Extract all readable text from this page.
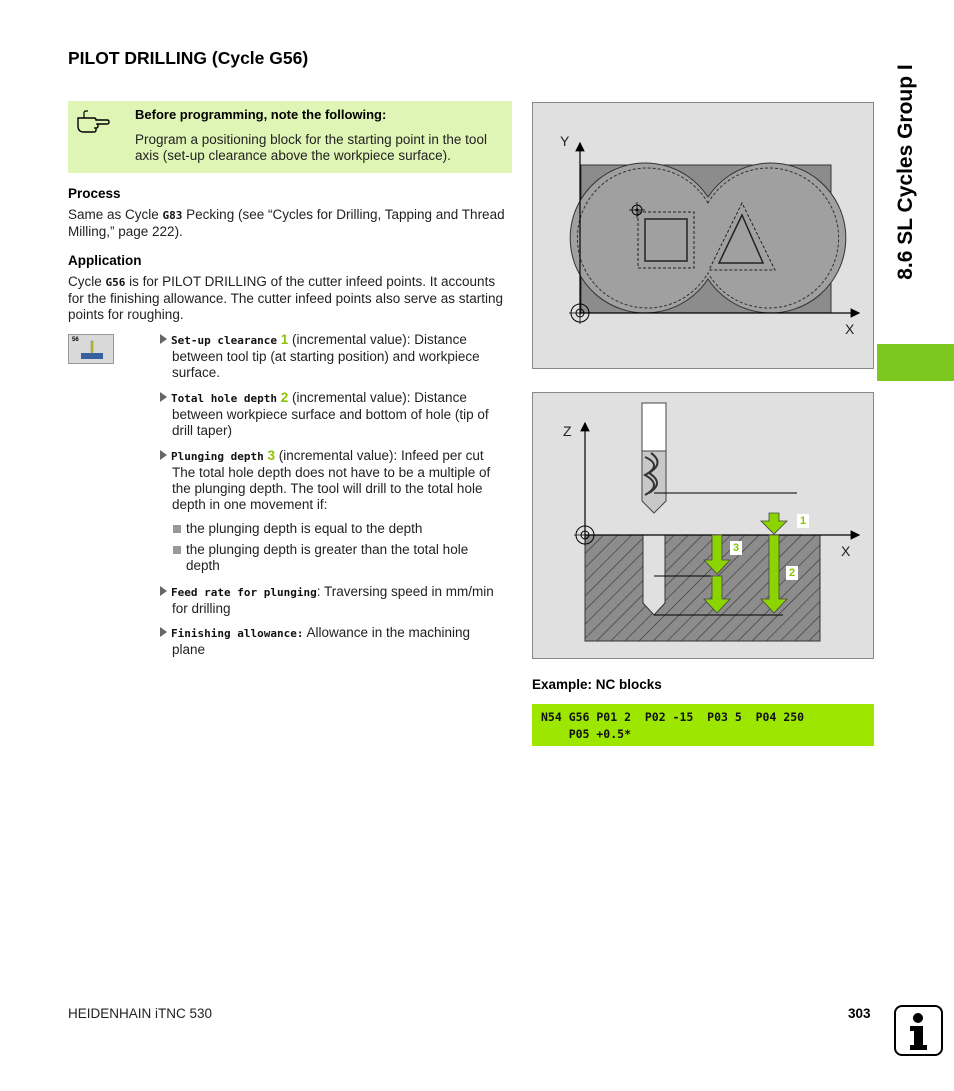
PILOT DRILLING (Cycle G56)
Before programming, note the following:
Program a positioning block for the starting point in the tool axis (set-up clearance above the workpiece surface).
Process
Same as Cycle G83 Pecking (see “Cycles for Drilling, Tapping and Thread Milling,” page 222).
Application
Cycle G56 is for PILOT DRILLING of the cutter infeed points. It accounts for the finishing allowance. The cutter infeed points also serve as starting points for roughing.
56	Set-up clearance 1 (incremental value): Distance
between tool tip (at starting position) and workpiece surface.
Total hole depth 2 (incremental value): Distance
between workpiece surface and bottom of hole (tip of drill taper)
Plunging depth 3 (incremental value): Infeed per cut
The total hole depth does not have to be a multiple of the plunging depth. The tool will drill to the total hole depth in one movement if:
the plunging depth is equal to the depth
the plunging depth is greater than the total hole
depth
Feed rate for plunging: Traversing speed in mm/min
for drilling
Finishing allowance: Allowance in the machining
plane
Y
X
Z
X
1
2
3
Example: NC blocks
N54 G56 P01 2  P02 -15  P03 5  P04 250
P05 +0.5*
8.6 SL Cycles Group I
HEIDENHAIN iTNC 530	303
